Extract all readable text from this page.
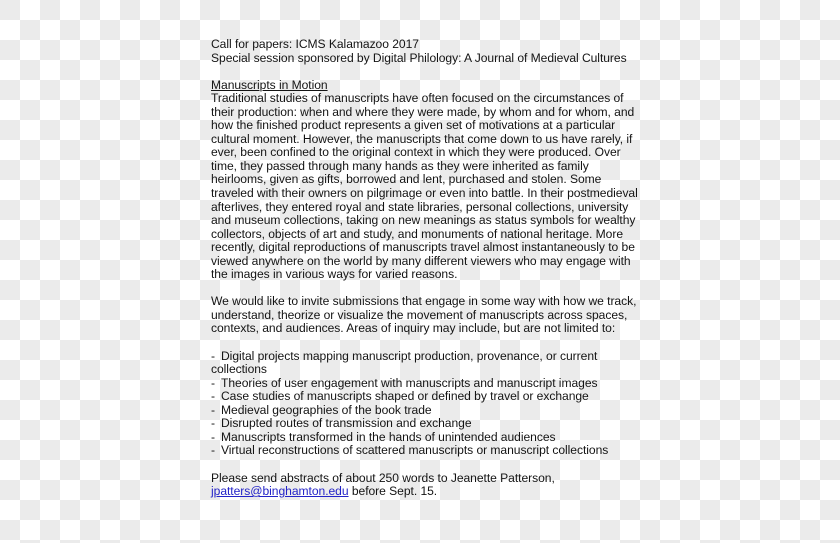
Call for papers: ICMS Kalamazoo 2017
Special session sponsored by Digital Philology: A Journal of Medieval Cultures
Manuscripts in Motion
Traditional studies of manuscripts have often focused on the circumstances of
their production: when and where they were made, by whom and for whom, and
how the finished product represents a given set of motivations at a particular
cultural moment. However, the manuscripts that come down to us have rarely, if
ever, been confined to the original context in which they were produced. Over
time, they passed through many hands as they were inherited as family
heirlooms, given as gifts, borrowed and lent, purchased and stolen. Some
traveled with their owners on pilgrimage or even into battle. In their postmedieval
afterlives, they entered royal and state libraries, personal collections, university
and museum collections, taking on new meanings as status symbols for wealthy
collectors, objects of art and study, and monuments of national heritage. More
recently, digital reproductions of manuscripts travel almost instantaneously to be
viewed anywhere on the world by many different viewers who may engage with
the images in various ways for varied reasons.
We would like to invite submissions that engage in some way with how we track,
understand, theorize or visualize the movement of manuscripts across spaces,
contexts, and audiences. Areas of inquiry may include, but are not limited to:
- Digital projects mapping manuscript production, provenance, or current
collections
- Theories of user engagement with manuscripts and manuscript images
- Case studies of manuscripts shaped or defined by travel or exchange
- Medieval geographies of the book trade
- Disrupted routes of transmission and exchange
- Manuscripts transformed in the hands of unintended audiences
- Virtual reconstructions of scattered manuscripts or manuscript collections
Please send abstracts of about 250 words to Jeanette Patterson,
jpatters@binghamton.edu before Sept. 15.
